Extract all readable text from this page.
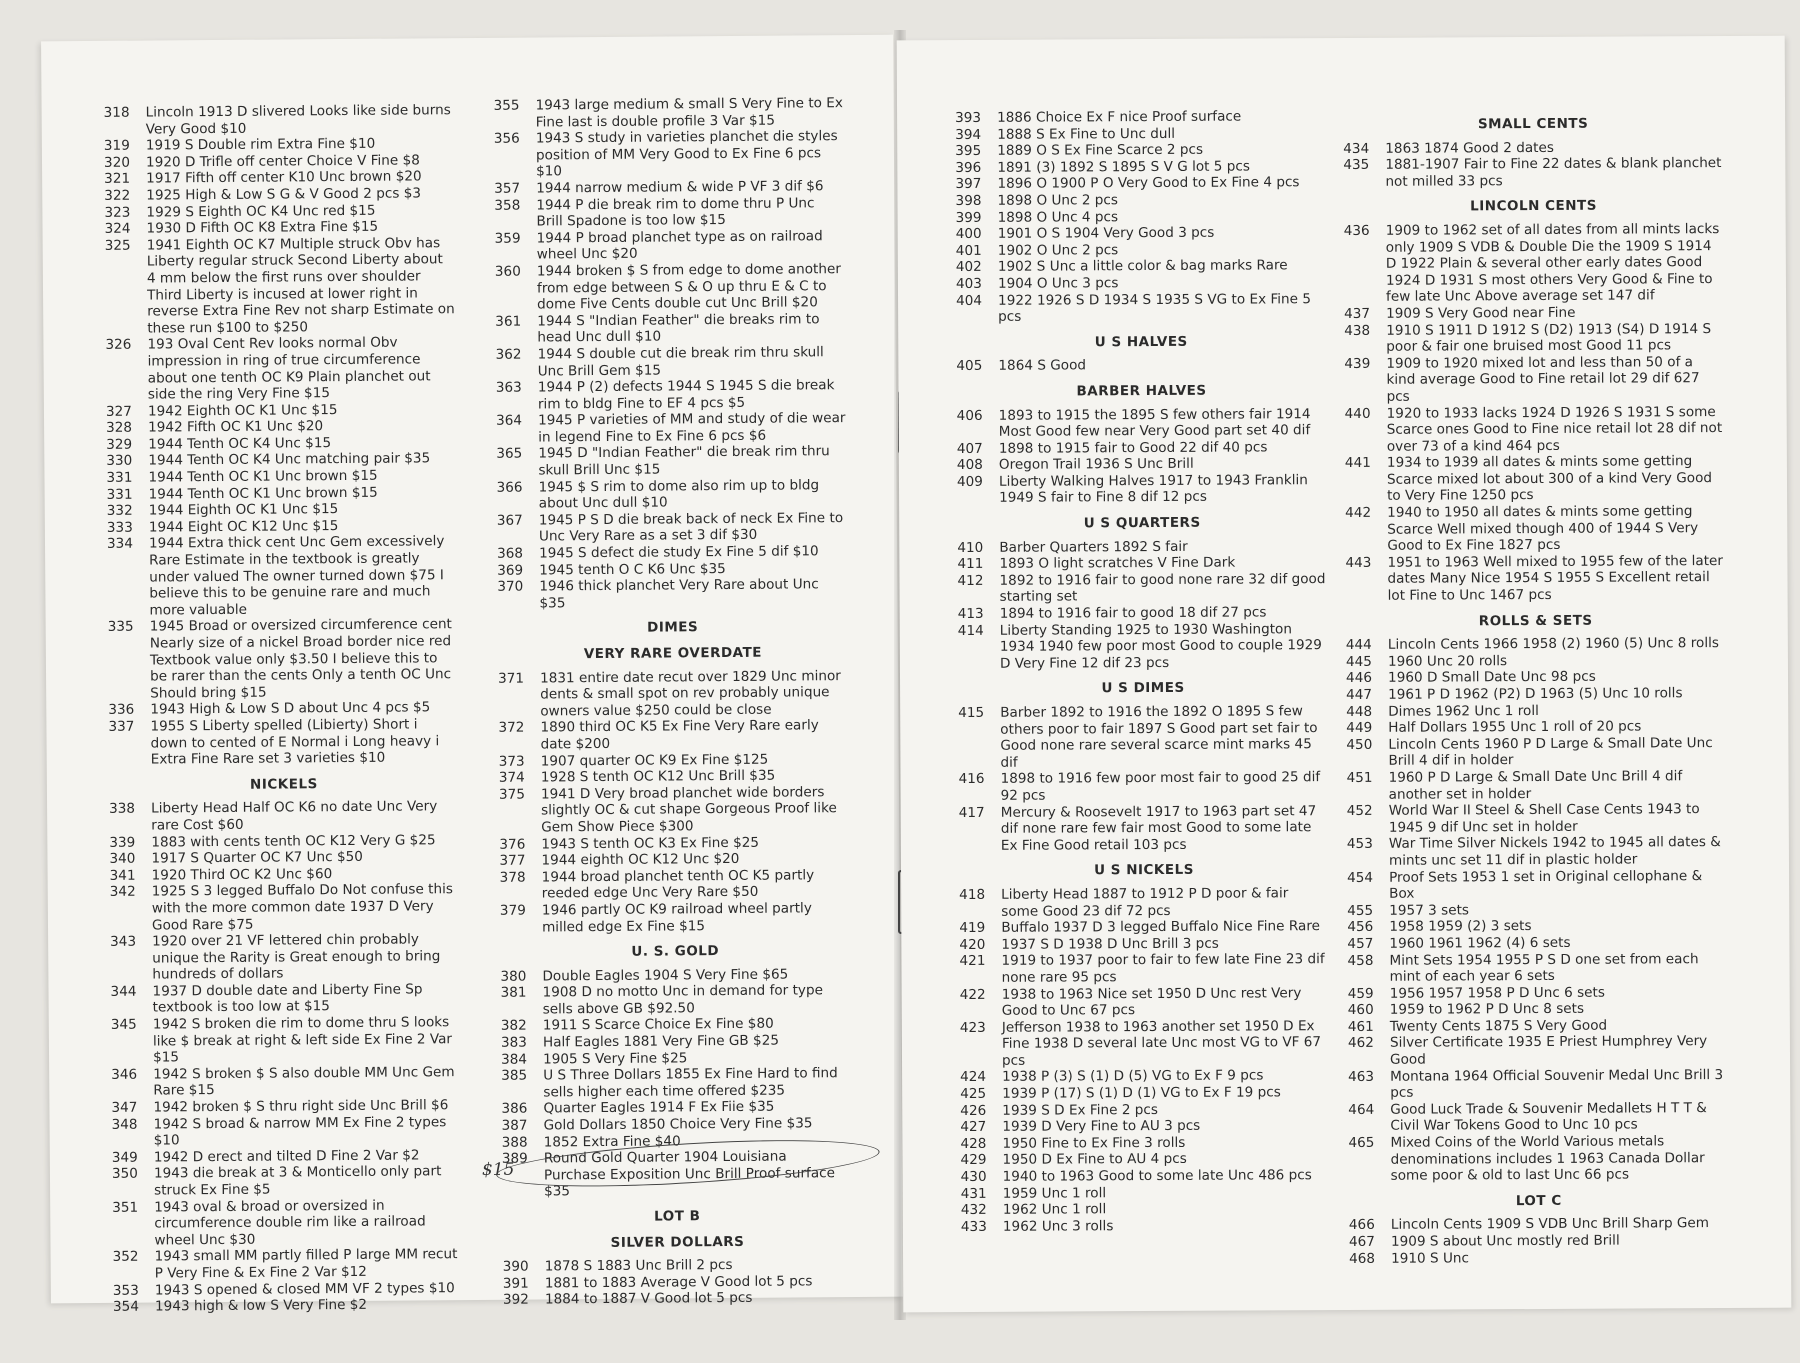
318	Lincoln 1913 D slivered Looks like side burns Very Good $10
319	1919 S Double rim Extra Fine $10
320	1920 D Trifle off center Choice V Fine $8
321	1917 Fifth off center K10 Unc brown $20
322	1925 High & Low S G & V Good 2 pcs $3
323	1929 S Eighth OC K4 Unc red $15
324	1930 D Fifth OC K8 Extra Fine $15
325	1941 Eighth OC K7 Multiple struck Obv has Liberty regular struck Second Liberty about 4 mm below the first runs over shoulder Third Liberty is incused at lower right in reverse Extra Fine Rev not sharp Estimate on these run $100 to $250
326	193 Oval Cent Rev looks normal Obv impression in ring of true circumference about one tenth OC K9 Plain planchet out side the ring Very Fine $15
327	1942 Eighth OC K1 Unc $15
328	1942 Fifth OC K1 Unc $20
329	1944 Tenth OC K4 Unc $15
330	1944 Tenth OC K4 Unc matching pair $35
331	1944 Tenth OC K1 Unc brown $15
331	1944 Tenth OC K1 Unc brown $15
332	1944 Eighth OC K1 Unc $15
333	1944 Eight OC K12 Unc $15
334	1944 Extra thick cent Unc Gem excessively Rare Estimate in the textbook is greatly under valued The owner turned down $75 I believe this to be genuine rare and much more valuable
335	1945 Broad or oversized circumference cent Nearly size of a nickel Broad border nice red Textbook value only $3.50 I believe this to be rarer than the cents Only a tenth OC Unc Should bring $15
336	1943 High & Low S D about Unc 4 pcs $5
337	1955 S Liberty spelled (Libierty) Short i down to cented of E Normal i Long heavy i Extra Fine Rare set 3 varieties $10
NICKELS
338	Liberty Head Half OC K6 no date Unc Very rare Cost $60
339	1883 with cents tenth OC K12 Very G $25
340	1917 S Quarter OC K7 Unc $50
341	1920 Third OC K2 Unc $60
342	1925 S 3 legged Buffalo Do Not confuse this with the more common date 1937 D Very Good Rare $75
343	1920 over 21 VF lettered chin probably unique the Rarity is Great enough to bring hundreds of dollars
344	1937 D double date and Liberty Fine Sp textbook is too low at $15
345	1942 S broken die rim to dome thru S looks like $ break at right & left side Ex Fine 2 Var $15
346	1942 S broken $ S also double MM Unc Gem Rare $15
347	1942 broken $ S thru right side Unc Brill $6
348	1942 S broad & narrow MM Ex Fine 2 types $10
349	1942 D erect and tilted D Fine 2 Var $2
350	1943 die break at 3 & Monticello only part struck Ex Fine $5
351	1943 oval & broad or oversized in circumference double rim like a railroad wheel Unc $30
352	1943 small MM partly filled P large MM recut P Very Fine & Ex Fine 2 Var $12
353	1943 S opened & closed MM VF 2 types $10
354	1943 high & low S Very Fine $2
355	1943 large medium & small S Very Fine to Ex Fine last is double profile 3 Var $15
356	1943 S study in varieties planchet die styles position of MM Very Good to Ex Fine 6 pcs $10
357	1944 narrow medium & wide P VF 3 dif $6
358	1944 P die break rim to dome thru P Unc Brill Spadone is too low $15
359	1944 P broad planchet type as on railroad wheel Unc $20
360	1944 broken $ S from edge to dome another from edge between S & O up thru E & C to dome Five Cents double cut Unc Brill $20
361	1944 S "Indian Feather" die breaks rim to head Unc dull $10
362	1944 S double cut die break rim thru skull Unc Brill Gem $15
363	1944 P (2) defects 1944 S 1945 S die break rim to bldg Fine to EF 4 pcs $5
364	1945 P varieties of MM and study of die wear in legend Fine to Ex Fine 6 pcs $6
365	1945 D "Indian Feather" die break rim thru skull Brill Unc $15
366	1945 $ S rim to dome also rim up to bldg about Unc dull $10
367	1945 P S D die break back of neck Ex Fine to Unc Very Rare as a set 3 dif $30
368	1945 S defect die study Ex Fine 5 dif $10
369	1945 tenth O C K6 Unc $35
370	1946 thick planchet Very Rare about Unc $35
DIMES
VERY RARE OVERDATE
371	1831 entire date recut over 1829 Unc minor dents & small spot on rev probably unique owners value $250 could be close
372	1890 third OC K5 Ex Fine Very Rare early date $200
373	1907 quarter OC K9 Ex Fine $125
374	1928 S tenth OC K12 Unc Brill $35
375	1941 D Very broad planchet wide borders slightly OC & cut shape Gorgeous Proof like Gem Show Piece $300
376	1943 S tenth OC K3 Ex Fine $25
377	1944 eighth OC K12 Unc $20
378	1944 broad planchet tenth OC K5 partly reeded edge Unc Very Rare $50
379	1946 partly OC K9 railroad wheel partly milled edge Ex Fine $15
U. S. GOLD
380	Double Eagles 1904 S Very Fine $65
381	1908 D no motto Unc in demand for type sells above GB $92.50
382	1911 S Scarce Choice Ex Fine $80
383	Half Eagles 1881 Very Fine GB $25
384	1905 S Very Fine $25
385	U S Three Dollars 1855 Ex Fine Hard to find sells higher each time offered $235
386	Quarter Eagles 1914 F Ex Fiie $35
387	Gold Dollars 1850 Choice Very Fine $35
388	1852 Extra Fine $40
389	Round Gold Quarter 1904 Louisiana Purchase Exposition Unc Brill Proof surface $35
$15
LOT B
SILVER DOLLARS
390	1878 S 1883 Unc Brill 2 pcs
391	1881 to 1883 Average V Good lot 5 pcs
392	1884 to 1887 V Good lot 5 pcs
393	1886 Choice Ex F nice Proof surface
394	1888 S Ex Fine to Unc dull
395	1889 O S Ex Fine Scarce 2 pcs
396	1891 (3) 1892 S 1895 S V G lot 5 pcs
397	1896 O 1900 P O Very Good to Ex Fine 4 pcs
398	1898 O Unc 2 pcs
399	1898 O Unc 4 pcs
400	1901 O S 1904 Very Good 3 pcs
401	1902 O Unc 2 pcs
402	1902 S Unc a little color & bag marks Rare
403	1904 O Unc 3 pcs
404	1922 1926 S D 1934 S 1935 S VG to Ex Fine 5 pcs
U S HALVES
405	1864 S Good
BARBER HALVES
406	1893 to 1915 the 1895 S few others fair 1914 Most Good few near Very Good part set 40 dif
407	1898 to 1915 fair to Good 22 dif 40 pcs
408	Oregon Trail 1936 S Unc Brill
409	Liberty Walking Halves 1917 to 1943 Franklin 1949 S fair to Fine 8 dif 12 pcs
U S QUARTERS
410	Barber Quarters 1892 S fair
411	1893 O light scratches V Fine Dark
412	1892 to 1916 fair to good none rare 32 dif good starting set
413	1894 to 1916 fair to good 18 dif 27 pcs
414	Liberty Standing 1925 to 1930 Washington 1934 1940 few poor most Good to couple 1929 D Very Fine 12 dif 23 pcs
U S DIMES
415	Barber 1892 to 1916 the 1892 O 1895 S few others poor to fair 1897 S Good part set fair to Good none rare several scarce mint marks 45 dif
416	1898 to 1916 few poor most fair to good 25 dif 92 pcs
417	Mercury & Roosevelt 1917 to 1963 part set 47 dif none rare few fair most Good to some late Ex Fine Good retail 103 pcs
U S NICKELS
418	Liberty Head 1887 to 1912 P D poor & fair some Good 23 dif 72 pcs
419	Buffalo 1937 D 3 legged Buffalo Nice Fine Rare
420	1937 S D 1938 D Unc Brill 3 pcs
421	1919 to 1937 poor to fair to few late Fine 23 dif none rare 95 pcs
422	1938 to 1963 Nice set 1950 D Unc rest Very Good to Unc 67 pcs
423	Jefferson 1938 to 1963 another set 1950 D Ex Fine 1938 D several late Unc most VG to VF 67 pcs
424	1938 P (3) S (1) D (5) VG to Ex F 9 pcs
425	1939 P (17) S (1) D (1) VG to Ex F 19 pcs
426	1939 S D Ex Fine 2 pcs
427	1939 D Very Fine to AU 3 pcs
428	1950 Fine to Ex Fine 3 rolls
429	1950 D Ex Fine to AU 4 pcs
430	1940 to 1963 Good to some late Unc 486 pcs
431	1959 Unc 1 roll
432	1962 Unc 1 roll
433	1962 Unc 3 rolls
SMALL CENTS
434	1863 1874 Good 2 dates
435	1881-1907 Fair to Fine 22 dates & blank planchet not milled 33 pcs
LINCOLN CENTS
436	1909 to 1962 set of all dates from all mints lacks only 1909 S VDB & Double Die the 1909 S 1914 D 1922 Plain & several other early dates Good 1924 D 1931 S most others Very Good & Fine to few late Unc Above average set 147 dif
437	1909 S Very Good near Fine
438	1910 S 1911 D 1912 S (D2) 1913 (S4) D 1914 S poor & fair one bruised most Good 11 pcs
439	1909 to 1920 mixed lot and less than 50 of a kind average Good to Fine retail lot 29 dif 627 pcs
440	1920 to 1933 lacks 1924 D 1926 S 1931 S some Scarce ones Good to Fine nice retail lot 28 dif not over 73 of a kind 464 pcs
441	1934 to 1939 all dates & mints some getting Scarce mixed lot about 300 of a kind Very Good to Very Fine 1250 pcs
442	1940 to 1950 all dates & mints some getting Scarce Well mixed though 400 of 1944 S Very Good to Ex Fine 1827 pcs
443	1951 to 1963 Well mixed to 1955 few of the later dates Many Nice 1954 S 1955 S Excellent retail lot Fine to Unc 1467 pcs
ROLLS & SETS
444	Lincoln Cents 1966 1958 (2) 1960 (5) Unc 8 rolls
445	1960 Unc 20 rolls
446	1960 D Small Date Unc 98 pcs
447	1961 P D 1962 (P2) D 1963 (5) Unc 10 rolls
448	Dimes 1962 Unc 1 roll
449	Half Dollars 1955 Unc 1 roll of 20 pcs
450	Lincoln Cents 1960 P D Large & Small Date Unc Brill 4 dif in holder
451	1960 P D Large & Small Date Unc Brill 4 dif another set in holder
452	World War II Steel & Shell Case Cents 1943 to 1945 9 dif Unc set in holder
453	War Time Silver Nickels 1942 to 1945 all dates & mints unc set 11 dif in plastic holder
454	Proof Sets 1953 1 set in Original cellophane & Box
455	1957 3 sets
456	1958 1959 (2) 3 sets
457	1960 1961 1962 (4) 6 sets
458	Mint Sets 1954 1955 P S D one set from each mint of each year 6 sets
459	1956 1957 1958 P D Unc 6 sets
460	1959 to 1962 P D Unc 8 sets
461	Twenty Cents 1875 S Very Good
462	Silver Certificate 1935 E Priest Humphrey Very Good
463	Montana 1964 Official Souvenir Medal Unc Brill 3 pcs
464	Good Luck Trade & Souvenir Medallets H T T & Civil War Tokens Good to Unc 10 pcs
465	Mixed Coins of the World Various metals denominations includes 1 1963 Canada Dollar some poor & old to last Unc 66 pcs
LOT C
466	Lincoln Cents 1909 S VDB Unc Brill Sharp Gem
467	1909 S about Unc mostly red Brill
468	1910 S Unc
